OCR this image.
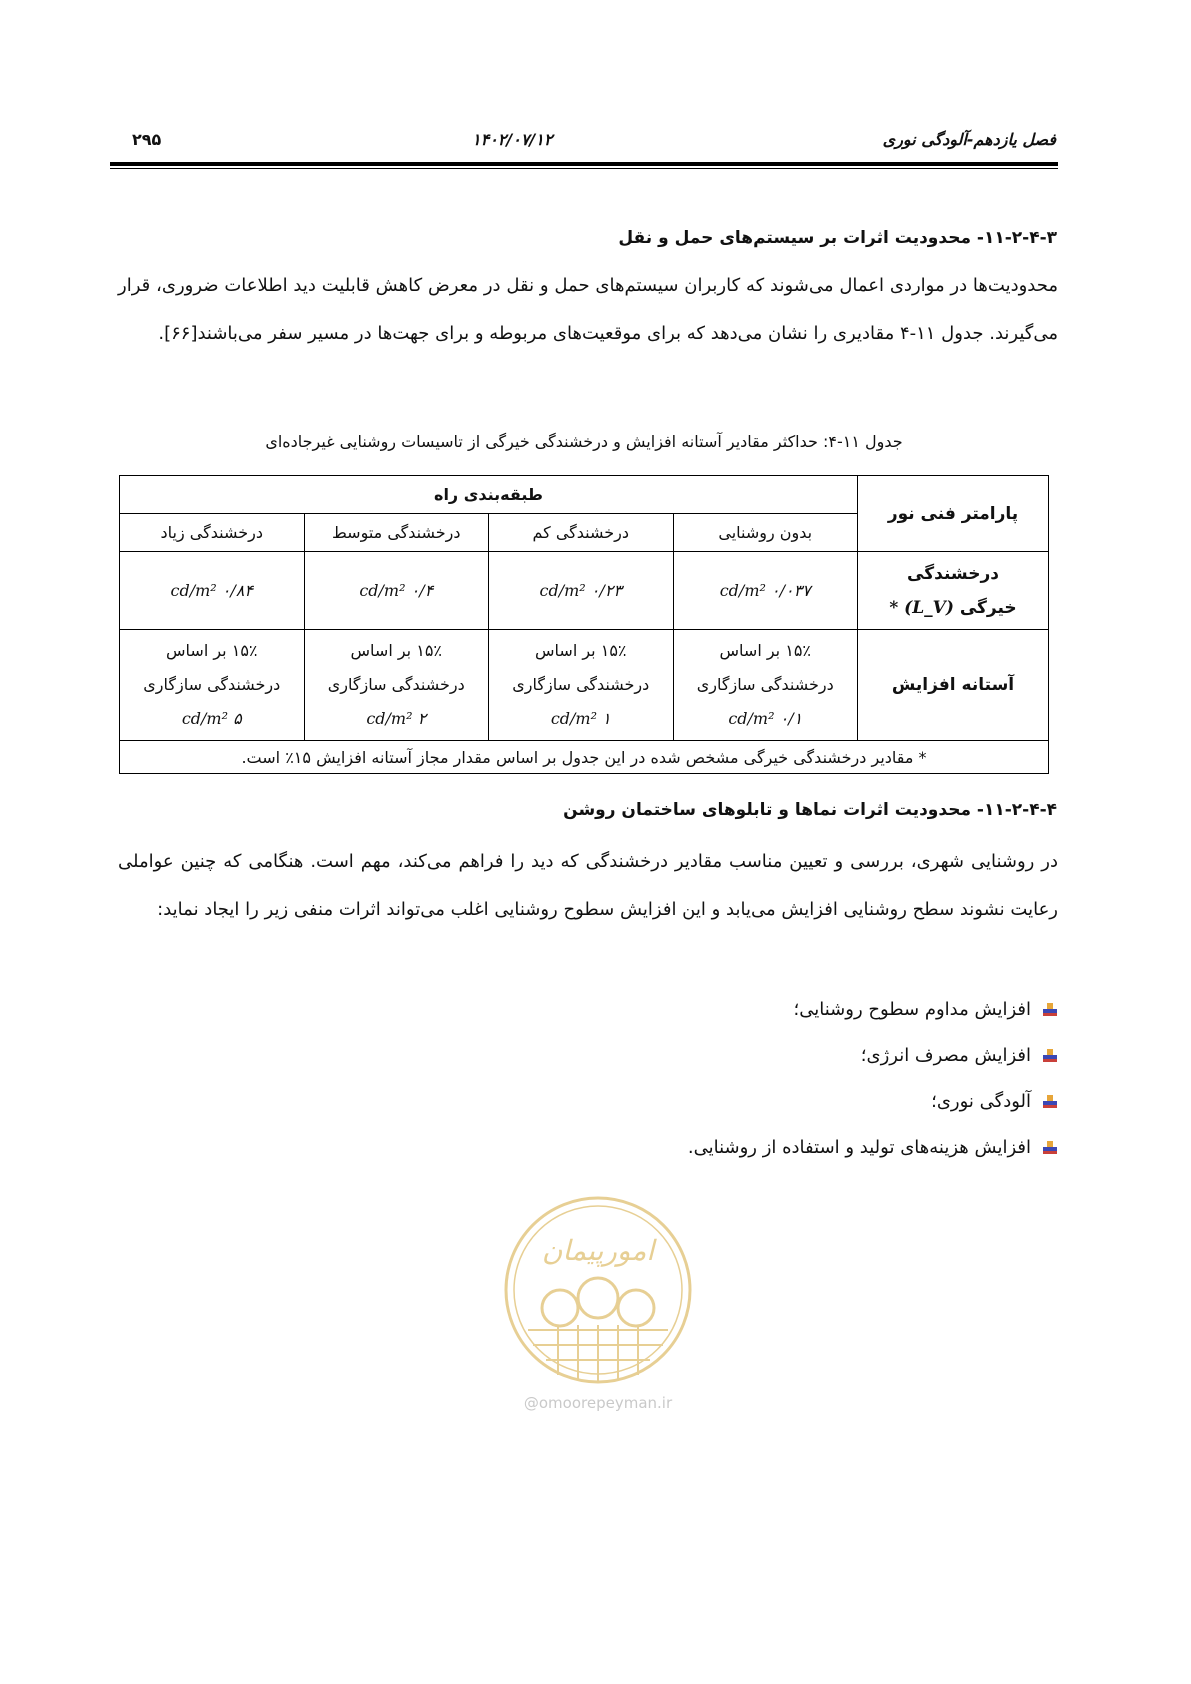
فصل یازدهم-آلودگی نوری
۱۴۰۲/۰۷/۱۲
۲۹۵
۱۱-۲-۴-۳- محدودیت اثرات بر سیستم‌های حمل و نقل

محدودیت‌ها در مواردی اعمال می‌شوند که کاربران سیستم‌های حمل و نقل در معرض کاهش قابلیت دید اطلاعات ضروری، قرار می‌گیرند. جدول ۱۱-۴ مقادیری را نشان می‌دهد که برای موقعیت‌های مربوطه و برای جهت‌ها در مسیر سفر می‌باشند[۶۶].

جدول ۱۱-۴: حداکثر مقادیر آستانه افزایش و درخشندگی خیرگی از تاسیسات روشنایی غیرجاده‌ای
پارامتر فنی نور	طبقه‌بندی راه			
	بدون روشنایی	درخشندگی کم	درخشندگی متوسط	درخشندگی زیاد

درخشندگی
خیرگی (L_V) *	۰/۰۳۷ cd/m²	۰/۲۳ cd/m²	۰/۴ cd/m²	۰/۸۴ cd/m²
آستانه افزایش	۱۵٪ بر اساس
درخشندگی سازگاری
۰/۱ cd/m²	۱۵٪ بر اساس
درخشندگی سازگاری
۱ cd/m²	۱۵٪ بر اساس
درخشندگی سازگاری
۲ cd/m²	۱۵٪ بر اساس
درخشندگی سازگاری
۵ cd/m²

* مقادیر درخشندگی خیرگی مشخص شده در این جدول بر اساس مقدار مجاز آستانه افزایش ۱۵٪ است.				
۱۱-۲-۴-۴- محدودیت اثرات نماها و تابلوهای ساختمان روشن

در روشنایی شهری، بررسی و تعیین مناسب مقادیر درخشندگی که دید را فراهم می‌کند، مهم است. هنگامی که چنین عواملی رعایت نشوند سطح روشنایی افزایش می‌یابد و این افزایش سطوح روشنایی اغلب می‌تواند اثرات منفی زیر را ایجاد نماید:

افزایش مداوم سطوح روشنایی؛
افزایش مصرف انرژی؛
آلودگی نوری؛
افزایش هزینه‌های تولید و استفاده از روشنایی.
امورپیمان
@omoorepeyman.ir
